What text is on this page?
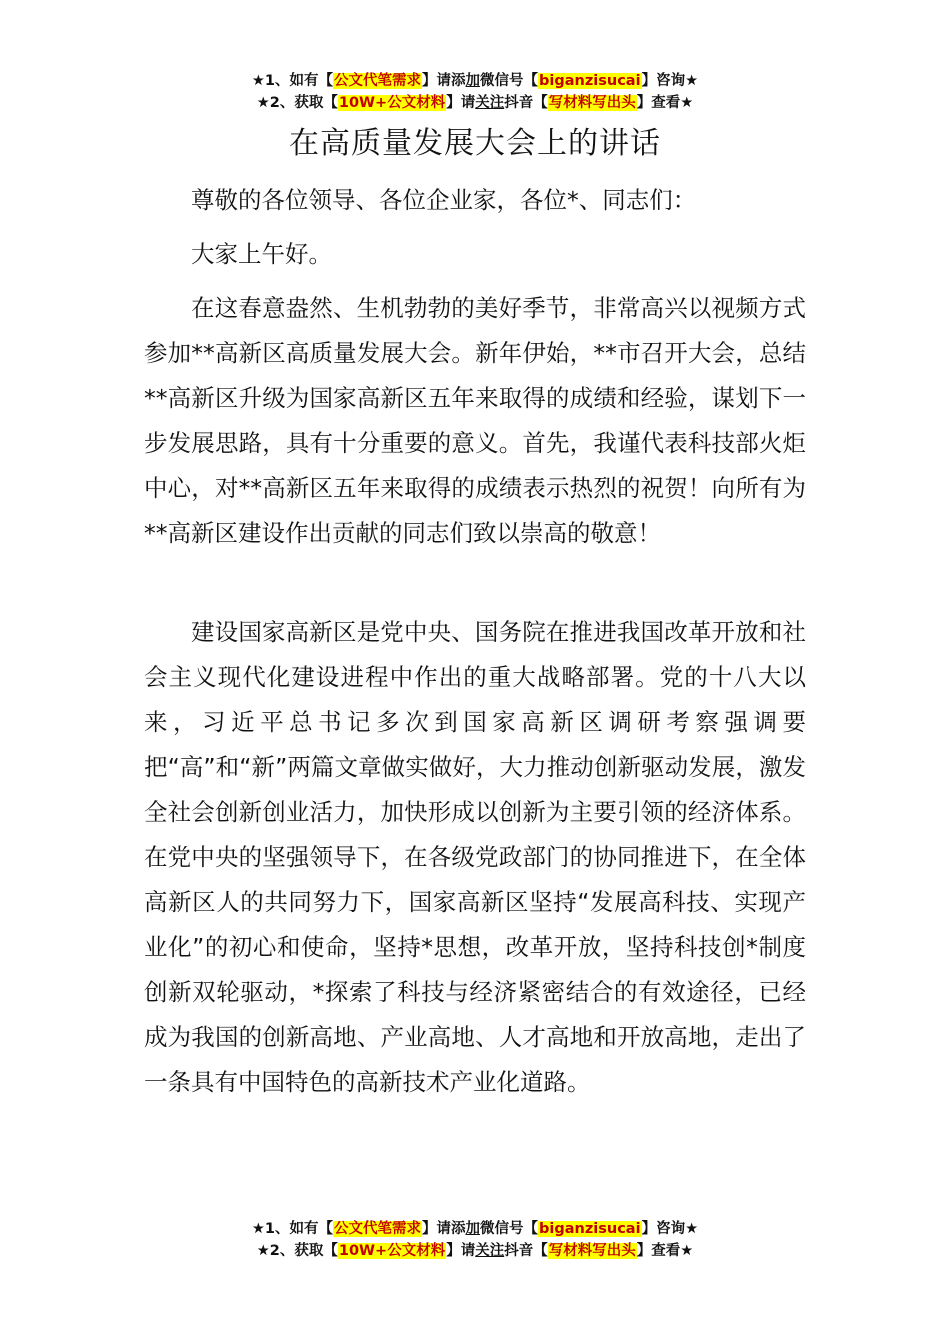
★1、如有【公文代笔需求】请添加微信号【biganzisucai】咨询★
★2、获取【10W+公文材料】请关注抖音【写材料写出头】查看★
在高质量发展大会上的讲话

尊敬的各位领导、各位企业家，各位*、同志们：

大家上午好。

在这春意盎然、生机勃勃的美好季节，非常高兴以视频方式参加**高新区高质量发展大会。新年伊始，**市召开大会，总结**高新区升级为国家高新区五年来取得的成绩和经验，谋划下一步发展思路，具有十分重要的意义。首先，我谨代表科技部火炬中心，对**高新区五年来取得的成绩表示热烈的祝贺！向所有为**高新区建设作出贡献的同志们致以崇高的敬意！

建设国家高新区是党中央、国务院在推进我国改革开放和社会主义现代化建设进程中作出的重大战略部署。党的十八大以来，习近平总书记多次到国家高新区调研考察强调要把“高”和“新”两篇文章做实做好，大力推动创新驱动发展，激发全社会创新创业活力，加快形成以创新为主要引领的经济体系。在党中央的坚强领导下，在各级党政部门的协同推进下，在全体高新区人的共同努力下，国家高新区坚持“发展高科技、实现产业化”的初心和使命，坚持*思想，改革开放，坚持科技创*制度创新双轮驱动，*探索了科技与经济紧密结合的有效途径，已经成为我国的创新高地、产业高地、人才高地和开放高地，走出了一条具有中国特色的高新技术产业化道路。

★1、如有【公文代笔需求】请添加微信号【biganzisucai】咨询★
★2、获取【10W+公文材料】请关注抖音【写材料写出头】查看★
